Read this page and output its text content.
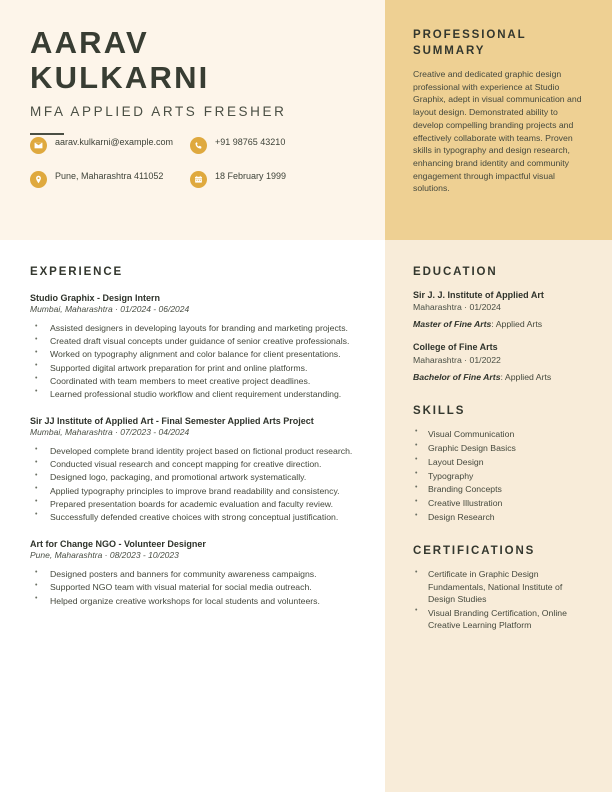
AARAV
KULKARNI
MFA APPLIED ARTS FRESHER
aarav.kulkarni@example.com	+91 98765 43210
Pune, Maharashtra 411052	18 February 1999
PROFESSIONAL SUMMARY

Creative and dedicated graphic design professional with experience at Studio Graphix, adept in visual communication and layout design. Demonstrated ability to develop compelling branding projects and effectively collaborate with teams. Proven skills in typography and design research, enhancing brand identity and community engagement through impactful visual solutions.

EDUCATION
Sir J. J. Institute of Applied Art
Maharashtra · 01/2024
Master of Fine Arts: Applied Arts
College of Fine Arts
Maharashtra · 01/2022
Bachelor of Fine Arts: Applied Arts
SKILLS
• Visual Communication
• Graphic Design Basics
• Layout Design
• Typography
• Branding Concepts
• Creative Illustration
• Design Research
CERTIFICATIONS
• Certificate in Graphic Design Fundamentals, National Institute of Design Studies
• Visual Branding Certification, Online Creative Learning Platform
EXPERIENCE
Studio Graphix - Design Intern
Mumbai, Maharashtra · 01/2024 - 06/2024
• Assisted designers in developing layouts for branding and marketing projects.
• Created draft visual concepts under guidance of senior creative professionals.
• Worked on typography alignment and color balance for client presentations.
• Supported digital artwork preparation for print and online platforms.
• Coordinated with team members to meet creative project deadlines.
• Learned professional studio workflow and client requirement understanding.
Sir JJ Institute of Applied Art - Final Semester Applied Arts Project
Mumbai, Maharashtra · 07/2023 - 04/2024
• Developed complete brand identity project based on fictional product research.
• Conducted visual research and concept mapping for creative direction.
• Designed logo, packaging, and promotional artwork systematically.
• Applied typography principles to improve brand readability and consistency.
• Prepared presentation boards for academic evaluation and faculty review.
• Successfully defended creative choices with strong conceptual justification.
Art for Change NGO - Volunteer Designer
Pune, Maharashtra · 08/2023 - 10/2023
• Designed posters and banners for community awareness campaigns.
• Supported NGO team with visual material for social media outreach.
• Helped organize creative workshops for local students and volunteers.
